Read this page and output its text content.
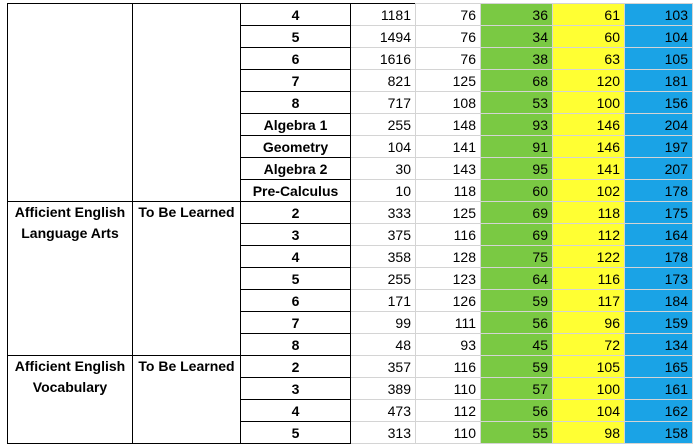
		4	1181	76	36	61	103
		5	1494	76	34	60	104
		6	1616	76	38	63	105
		7	821	125	68	120	181
		8	717	108	53	100	156
		Algebra 1	255	148	93	146	204
		Geometry	104	141	91	146	197
		Algebra 2	30	143	95	141	207
		Pre-Calculus	10	118	60	102	178
Afficient English Language Arts	To Be Learned	2	333	125	69	118	175
		3	375	116	69	112	164
		4	358	128	75	122	178
		5	255	123	64	116	173
		6	171	126	59	117	184
		7	99	111	56	96	159
		8	48	93	45	72	134
Afficient English Vocabulary	To Be Learned	2	357	116	59	105	165
		3	389	110	57	100	161
		4	473	112	56	104	162
		5	313	110	55	98	158
